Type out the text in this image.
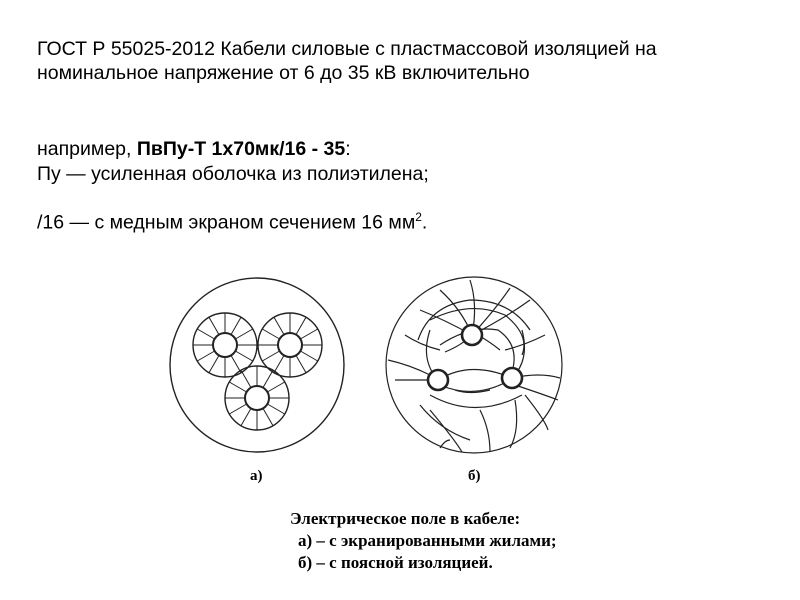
ГОСТ Р 55025-2012 Кабели силовые с пластмассовой изоляцией на номинальное напряжение от 6 до 35 кВ включительно
например, ПвПу-Т 1х70мк/16 - 35:
Пу — усиленная оболочка из полиэтилена;
/16 — с медным экраном сечением 16 $мм^2$.
а)	б)
Электрическое поле в кабеле:
а) – с экранированными жилами;
б) – с поясной изоляцией.
